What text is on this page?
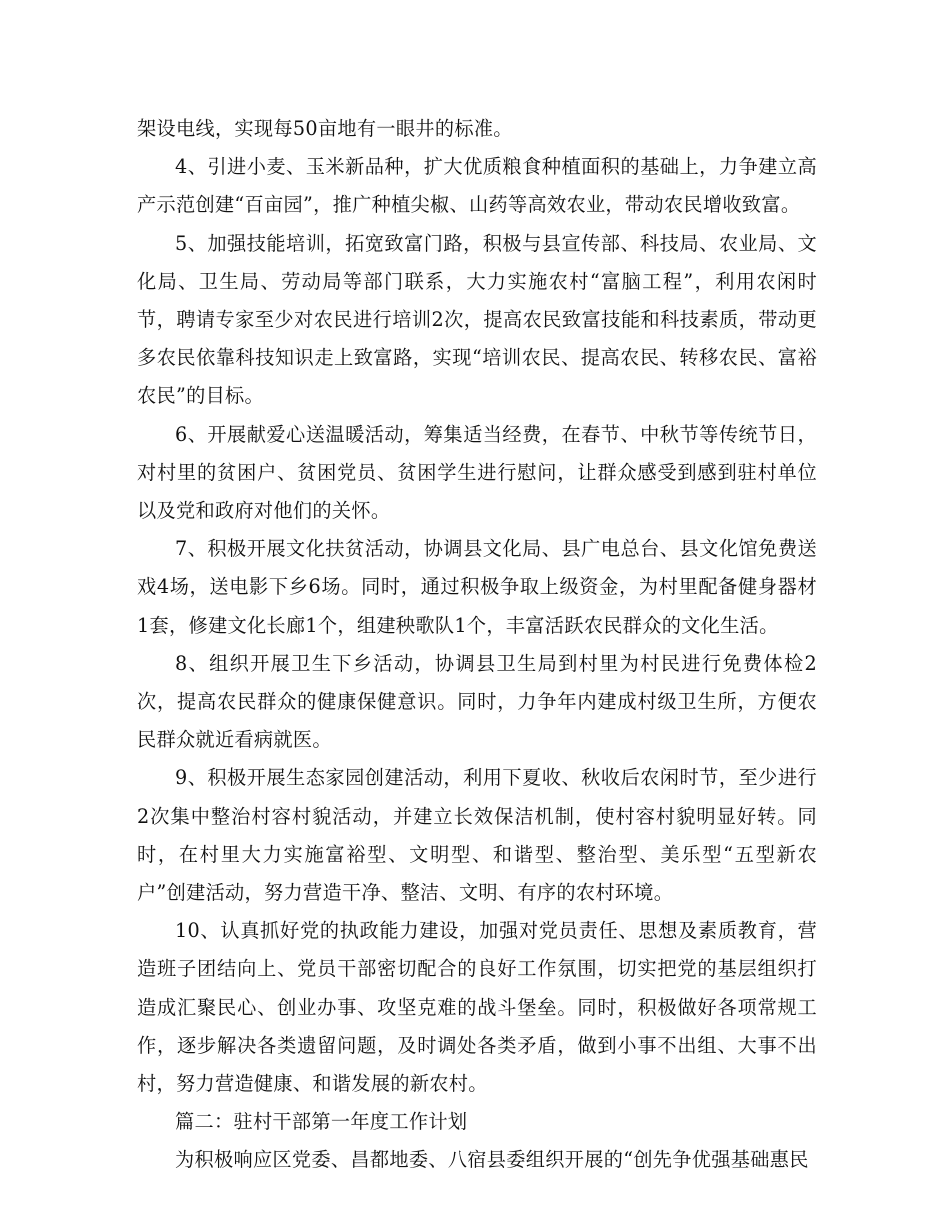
架设电线，实现每50亩地有一眼井的标准。

4、引进小麦、玉米新品种，扩大优质粮食种植面积的基础上，力争建立高产示范创建“百亩园”，推广种植尖椒、山药等高效农业，带动农民增收致富。

5、加强技能培训，拓宽致富门路，积极与县宣传部、科技局、农业局、文化局、卫生局、劳动局等部门联系，大力实施农村“富脑工程”，利用农闲时节，聘请专家至少对农民进行培训2次，提高农民致富技能和科技素质，带动更多农民依靠科技知识走上致富路，实现“培训农民、提高农民、转移农民、富裕农民”的目标。

6、开展献爱心送温暖活动，筹集适当经费，在春节、中秋节等传统节日，对村里的贫困户、贫困党员、贫困学生进行慰问，让群众感受到感到驻村单位以及党和政府对他们的关怀。

7、积极开展文化扶贫活动，协调县文化局、县广电总台、县文化馆免费送戏4场，送电影下乡6场。同时，通过积极争取上级资金，为村里配备健身器材1套，修建文化长廊1个，组建秧歌队1个，丰富活跃农民群众的文化生活。

8、组织开展卫生下乡活动，协调县卫生局到村里为村民进行免费体检2次，提高农民群众的健康保健意识。同时，力争年内建成村级卫生所，方便农民群众就近看病就医。

9、积极开展生态家园创建活动，利用下夏收、秋收后农闲时节，至少进行2次集中整治村容村貌活动，并建立长效保洁机制，使村容村貌明显好转。同时，在村里大力实施富裕型、文明型、和谐型、整治型、美乐型“五型新农户”创建活动，努力营造干净、整洁、文明、有序的农村环境。

10、认真抓好党的执政能力建设，加强对党员责任、思想及素质教育，营造班子团结向上、党员干部密切配合的良好工作氛围，切实把党的基层组织打造成汇聚民心、创业办事、攻坚克难的战斗堡垒。同时，积极做好各项常规工作，逐步解决各类遗留问题，及时调处各类矛盾，做到小事不出组、大事不出村，努力营造健康、和谐发展的新农村。

篇二：驻村干部第一年度工作计划

为积极响应区党委、昌都地委、八宿县委组织开展的“创先争优强基础惠民
